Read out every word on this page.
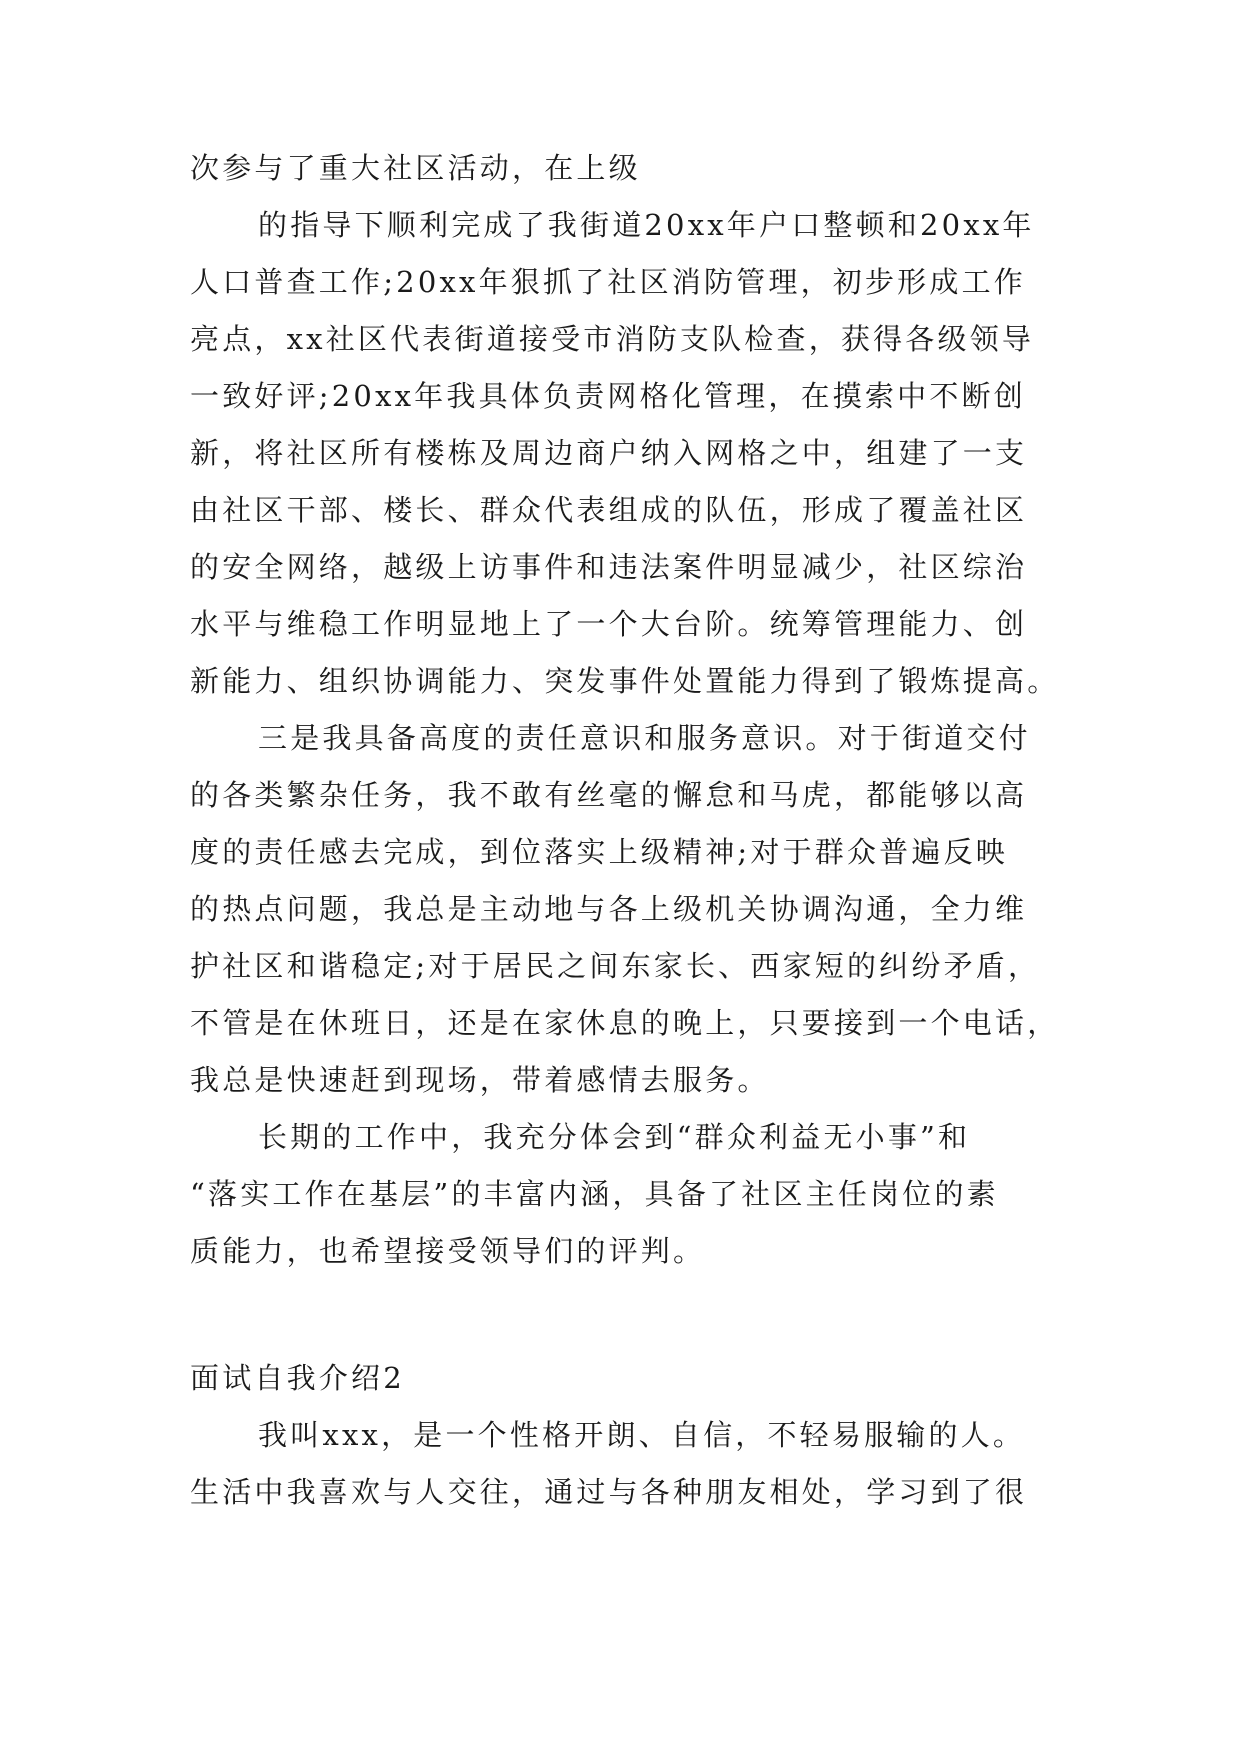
次参与了重大社区活动，在上级
的指导下顺利完成了我街道20xx年户口整顿和20xx年
人口普查工作;20xx年狠抓了社区消防管理，初步形成工作
亮点，xx社区代表街道接受市消防支队检查，获得各级领导
一致好评;20xx年我具体负责网格化管理，在摸索中不断创
新，将社区所有楼栋及周边商户纳入网格之中，组建了一支
由社区干部、楼长、群众代表组成的队伍，形成了覆盖社区
的安全网络，越级上访事件和违法案件明显减少，社区综治
水平与维稳工作明显地上了一个大台阶。统筹管理能力、创
新能力、组织协调能力、突发事件处置能力得到了锻炼提高。
三是我具备高度的责任意识和服务意识。对于街道交付
的各类繁杂任务，我不敢有丝毫的懈怠和马虎，都能够以高
度的责任感去完成，到位落实上级精神;对于群众普遍反映
的热点问题，我总是主动地与各上级机关协调沟通，全力维
护社区和谐稳定;对于居民之间东家长、西家短的纠纷矛盾，
不管是在休班日，还是在家休息的晚上，只要接到一个电话，
我总是快速赶到现场，带着感情去服务。
长期的工作中，我充分体会到“群众利益无小事”和
“落实工作在基层”的丰富内涵，具备了社区主任岗位的素
质能力，也希望接受领导们的评判。
面试自我介绍2
我叫xxx，是一个性格开朗、自信，不轻易服输的人。
生活中我喜欢与人交往，通过与各种朋友相处，学习到了很
